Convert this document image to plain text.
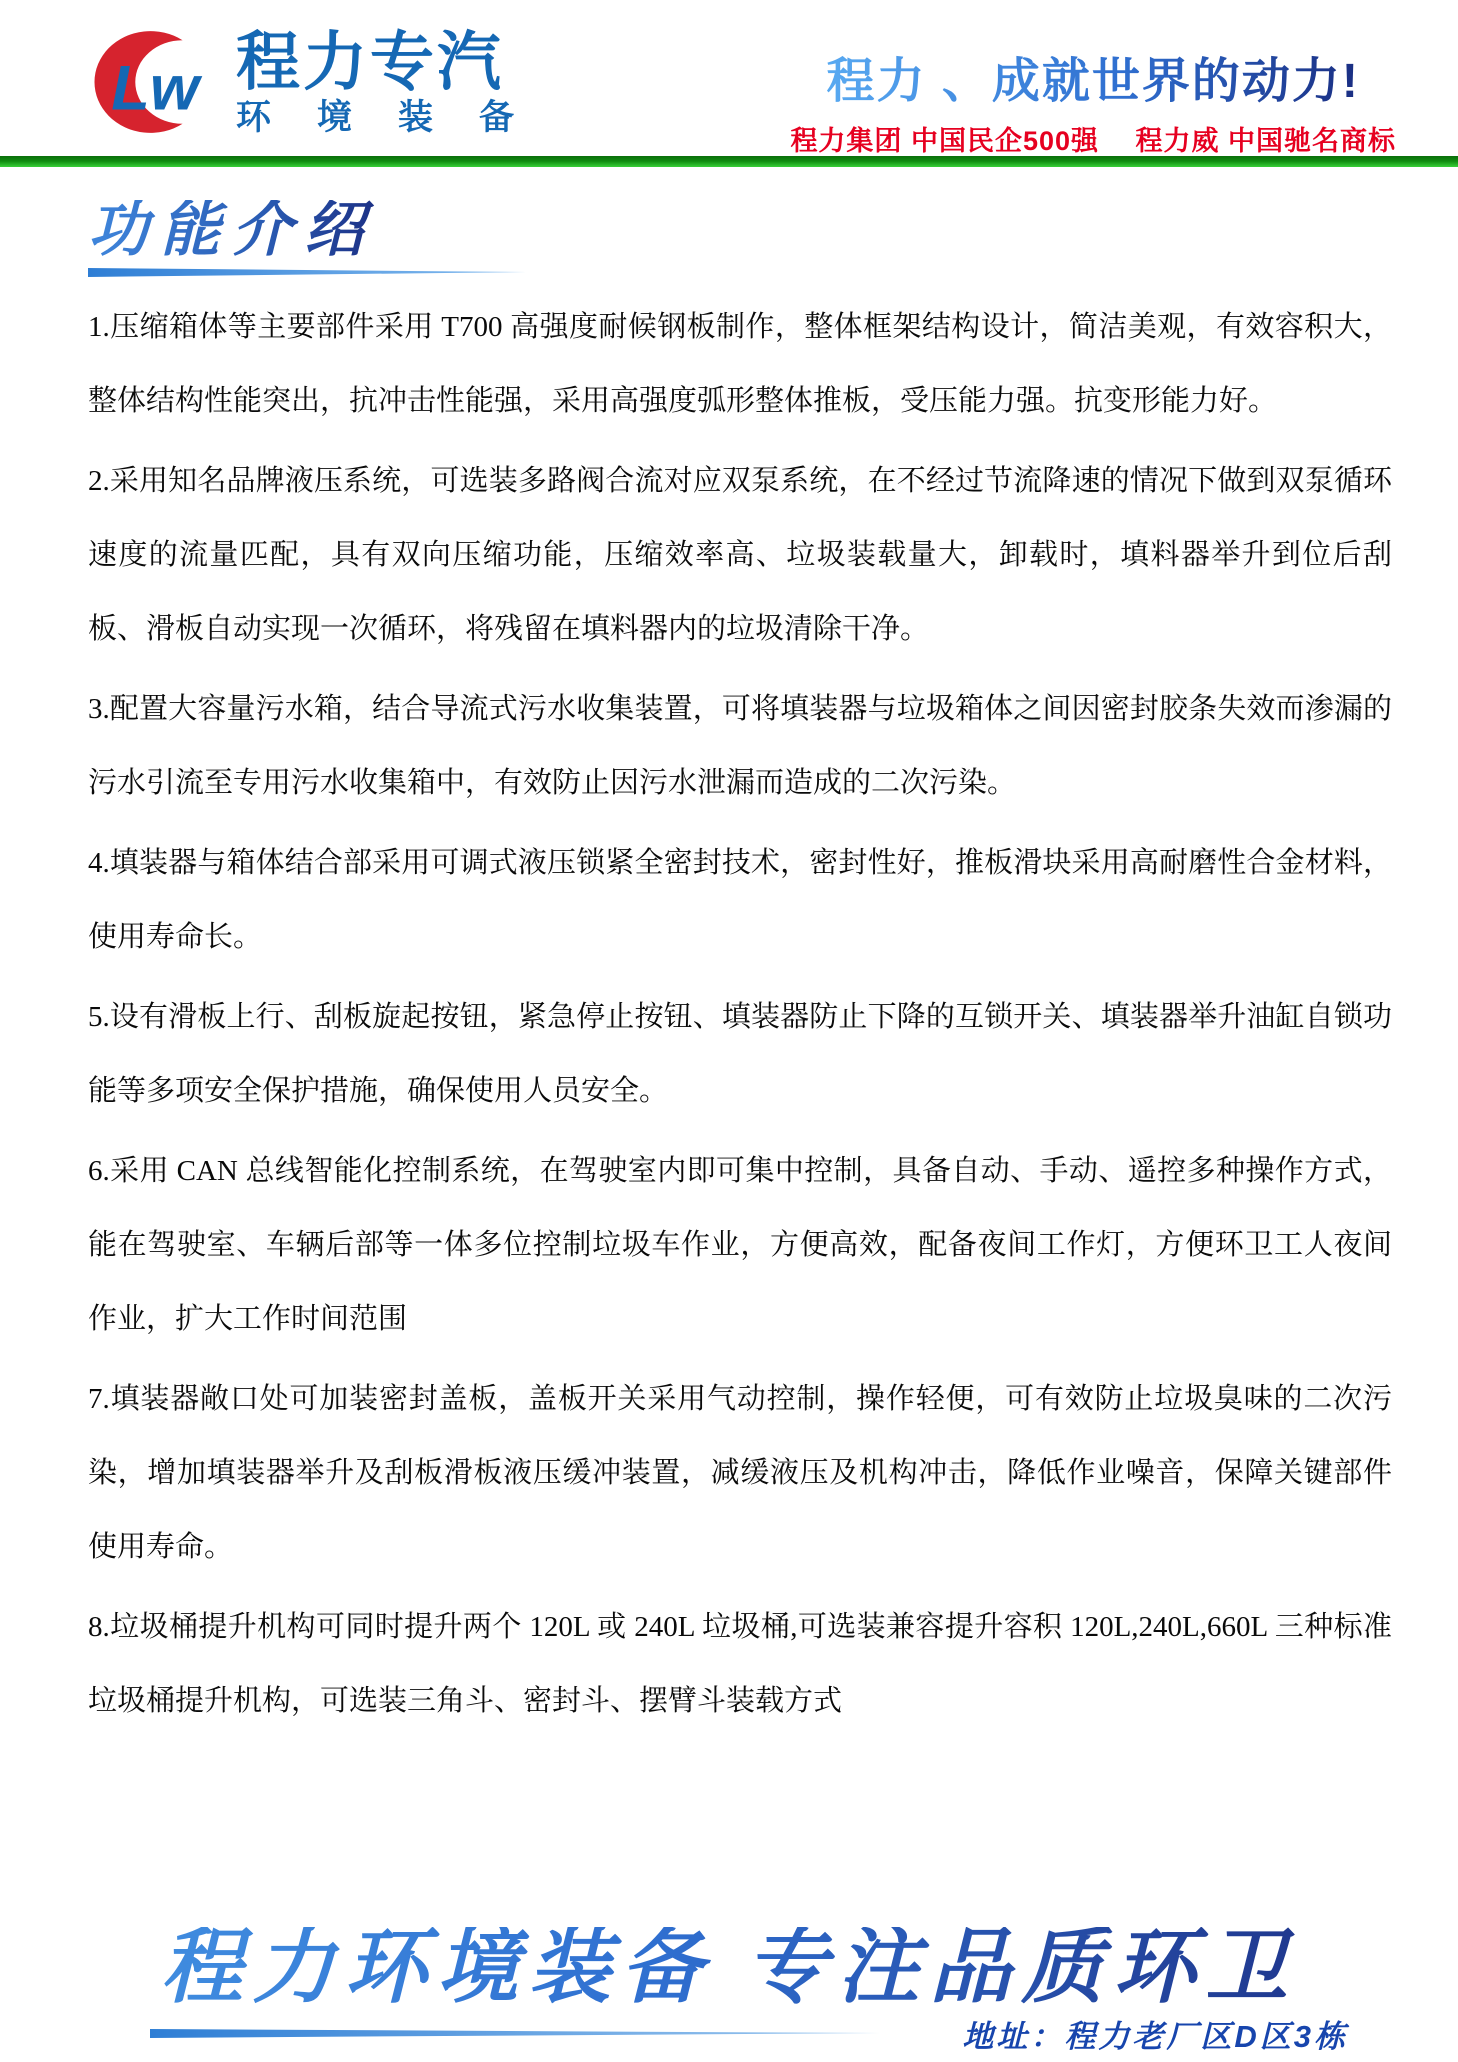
Lw 程力专汽
环境装备
程力 、成就世界的动力!
程力集团 中国民企500强　 程力威 中国驰名商标
功能介绍

1.压缩箱体等主要部件采用 T700 高强度耐候钢板制作，整体框架结构设计，简洁美观，有效容积大，整体结构性能突出，抗冲击性能强，采用高强度弧形整体推板，受压能力强。抗变形能力好。

2.采用知名品牌液压系统，可选装多路阀合流对应双泵系统，在不经过节流降速的情况下做到双泵循环速度的流量匹配，具有双向压缩功能，压缩效率高、垃圾装载量大，卸载时，填料器举升到位后刮板、滑板自动实现一次循环，将残留在填料器内的垃圾清除干净。

3.配置大容量污水箱，结合导流式污水收集装置，可将填装器与垃圾箱体之间因密封胶条失效而渗漏的污水引流至专用污水收集箱中，有效防止因污水泄漏而造成的二次污染。

4.填装器与箱体结合部采用可调式液压锁紧全密封技术，密封性好，推板滑块采用高耐磨性合金材料，使用寿命长。

5.设有滑板上行、刮板旋起按钮，紧急停止按钮、填装器防止下降的互锁开关、填装器举升油缸自锁功能等多项安全保护措施，确保使用人员安全。

6.采用 CAN 总线智能化控制系统，在驾驶室内即可集中控制，具备自动、手动、遥控多种操作方式，能在驾驶室、车辆后部等一体多位控制垃圾车作业，方便高效，配备夜间工作灯，方便环卫工人夜间作业，扩大工作时间范围

7.填装器敞口处可加装密封盖板，盖板开关采用气动控制，操作轻便，可有效防止垃圾臭味的二次污染，增加填装器举升及刮板滑板液压缓冲装置，减缓液压及机构冲击，降低作业噪音，保障关键部件使用寿命。

8.垃圾桶提升机构可同时提升两个 120L 或 240L 垃圾桶,可选装兼容提升容积 120L,240L,660L 三种标准垃圾桶提升机构，可选装三角斗、密封斗、摆臂斗装载方式

程力环境装备 专注品质环卫
地址：程力老厂区D区3栋
